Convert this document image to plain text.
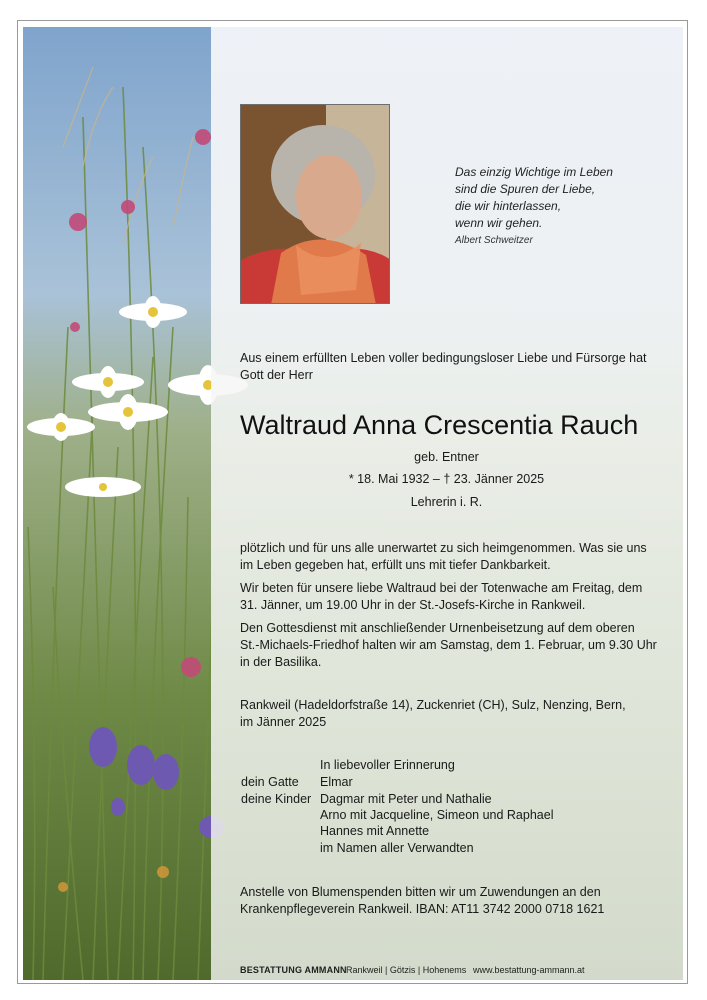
Das einzig Wichtige im Leben
sind die Spuren der Liebe,
die wir hinterlassen,
wenn wir gehen.
Albert Schweitzer
Aus einem erfüllten Leben voller bedingungsloser Liebe und Fürsorge hat
Gott der Herr
Waltraud Anna Crescentia Rauch
geb. Entner
* 18. Mai 1932 – † 23. Jänner 2025
Lehrerin i. R.
plötzlich und für uns alle unerwartet zu sich heimgenommen. Was sie uns
im Leben gegeben hat, erfüllt uns mit tiefer Dankbarkeit.
Wir beten für unsere liebe Waltraud bei der Totenwache am Freitag, dem
31. Jänner, um 19.00 Uhr in der St.-Josefs-Kirche in Rankweil.
Den Gottesdienst mit anschließender Urnenbeisetzung auf dem oberen
St.-Michaels-Friedhof halten wir am Samstag, dem 1. Februar, um 9.30 Uhr
in der Basilika.
Rankweil (Hadeldorfstraße 14), Zuckenriet (CH), Sulz, Nenzing, Bern,
im Jänner 2025
In liebevoller Erinnerung
dein Gatte Elmar
deine Kinder Dagmar mit Peter und Nathalie
Arno mit Jacqueline, Simeon und Raphael
Hannes mit Annette
im Namen aller Verwandten
Anstelle von Blumenspenden bitten wir um Zuwendungen an den
Krankenpflegeverein Rankweil. IBAN: AT11 3742 2000 0718 1621
BESTATTUNG AMMANN Rankweil | Götzis | Hohenems www.bestattung-ammann.at
